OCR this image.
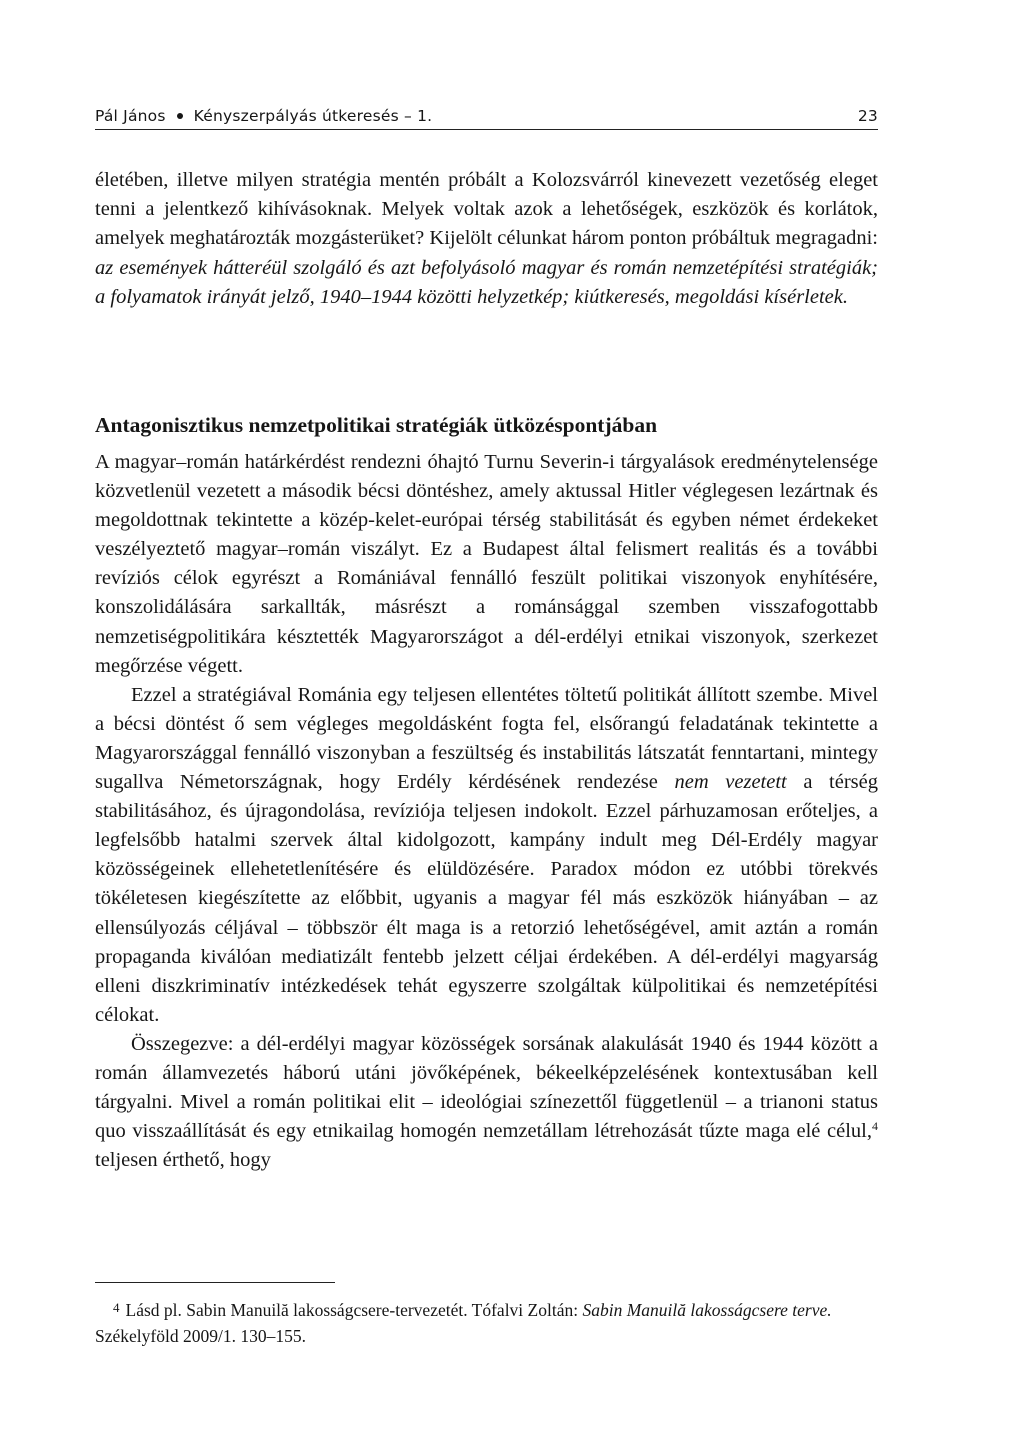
Pál János Kényszerpályás útkeresés – 1.	23

életében, illetve milyen stratégia mentén próbált a Kolozsvárról kinevezett vezetőség eleget tenni a jelentkező kihívásoknak. Melyek voltak azok a lehetőségek, eszközök és korlátok, amelyek meghatározták mozgásterüket? Kijelölt célunkat három ponton próbáltuk megragadni: az események hátteréül szolgáló és azt befolyásoló magyar és román nemzetépítési stratégiák; a folyamatok irányát jelző, 1940–1944 közötti helyzetkép; kiútkeresés, megoldási kísérletek.

Antagonisztikus nemzetpolitikai stratégiák ütközéspontjában

A magyar–román határkérdést rendezni óhajtó Turnu Severin-i tárgyalások eredménytelensége közvetlenül vezetett a második bécsi döntéshez, amely aktussal Hitler véglegesen lezártnak és megoldottnak tekintette a közép-kelet-európai térség stabilitását és egyben német érdekeket veszélyeztető magyar–román viszályt. Ez a Budapest által felismert realitás és a további revíziós célok egyrészt a Romániával fennálló feszült politikai viszonyok enyhítésére, konszolidálására sarkallták, másrészt a románsággal szemben visszafogottabb nemzetiségpolitikára késztették Magyarországot a dél-erdélyi etnikai viszonyok, szerkezet megőrzése végett.

Ezzel a stratégiával Románia egy teljesen ellentétes töltetű politikát állított szembe. Mivel a bécsi döntést ő sem végleges megoldásként fogta fel, elsőrangú feladatának tekintette a Magyarországgal fennálló viszonyban a feszültség és instabilitás látszatát fenntartani, mintegy sugallva Németországnak, hogy Erdély kérdésének rendezése nem vezetett a térség stabilitásához, és újragondolása, revíziója teljesen indokolt. Ezzel párhuzamosan erőteljes, a legfelsőbb hatalmi szervek által kidolgozott, kampány indult meg Dél-Erdély magyar közösségeinek ellehetetlenítésére és elüldözésére. Paradox módon ez utóbbi törekvés tökéletesen kiegészítette az előbbit, ugyanis a magyar fél más eszközök hiányában – az ellensúlyozás céljával – többször élt maga is a retorzió lehetőségével, amit aztán a román propaganda kiválóan mediatizált fentebb jelzett céljai érdekében. A dél-erdélyi magyarság elleni diszkriminatív intézkedések tehát egyszerre szolgáltak külpolitikai és nemzetépítési célokat.

Összegezve: a dél-erdélyi magyar közösségek sorsának alakulását 1940 és 1944 között a román államvezetés háború utáni jövőképének, békeelképzelésének kontextusában kell tárgyalni. Mivel a román politikai elit – ideológiai színezettől függetlenül – a trianoni status quo visszaállítását és egy etnikailag homogén nemzetállam létrehozását tűzte maga elé célul,$^4$ teljesen érthető, hogy

$^4$ Lásd pl. Sabin Manuilă lakosságcsere-tervezetét. Tófalvi Zoltán: Sabin Manuilă lakosságcsere terve. Székelyföld 2009/1. 130–155.
